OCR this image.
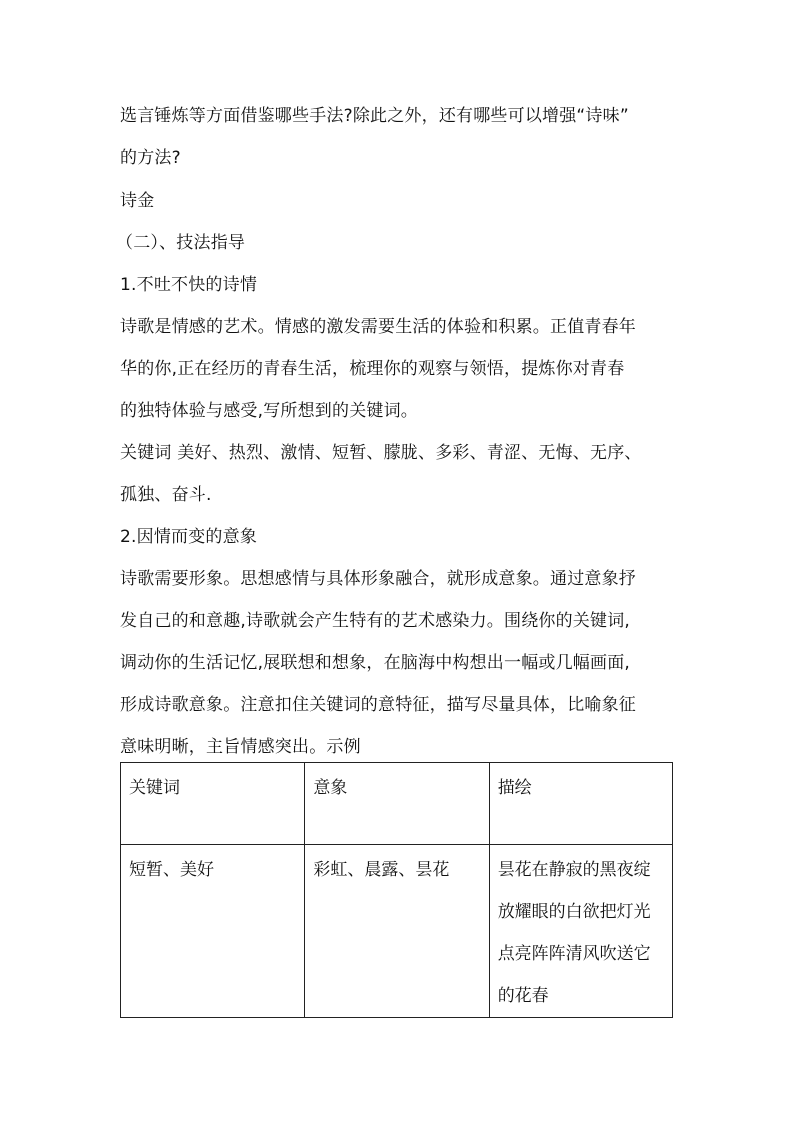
选言锤炼等方面借鉴哪些手法?除此之外，还有哪些可以增强“诗味”
的方法?
诗金
（二）、技法指导
1.不吐不快的诗情
诗歌是情感的艺术。情感的激发需要生活的体验和积累。正值青春年
华的你,正在经历的青春生活，梳理你的观察与领悟，提炼你对青春
的独特体验与感受,写所想到的关键词。
关键词 美好、热烈、激情、短暂、朦胧、多彩、青涩、无悔、无序、
孤独、奋斗.
2.因情而变的意象
诗歌需要形象。思想感情与具体形象融合，就形成意象。通过意象抒
发自己的和意趣,诗歌就会产生特有的艺术感染力。围绕你的关键词,
调动你的生活记忆,展联想和想象，在脑海中构想出一幅或几幅画面,
形成诗歌意象。注意扣住关键词的意特征，描写尽量具体，比喻象征
意味明晰，主旨情感突出。示例
关键词	意象	描绘

短暂、美好	彩虹、晨露、昙花	昙花在静寂的黑夜绽
放耀眼的白欲把灯光
点亮阵阵清风吹送它
的花春
